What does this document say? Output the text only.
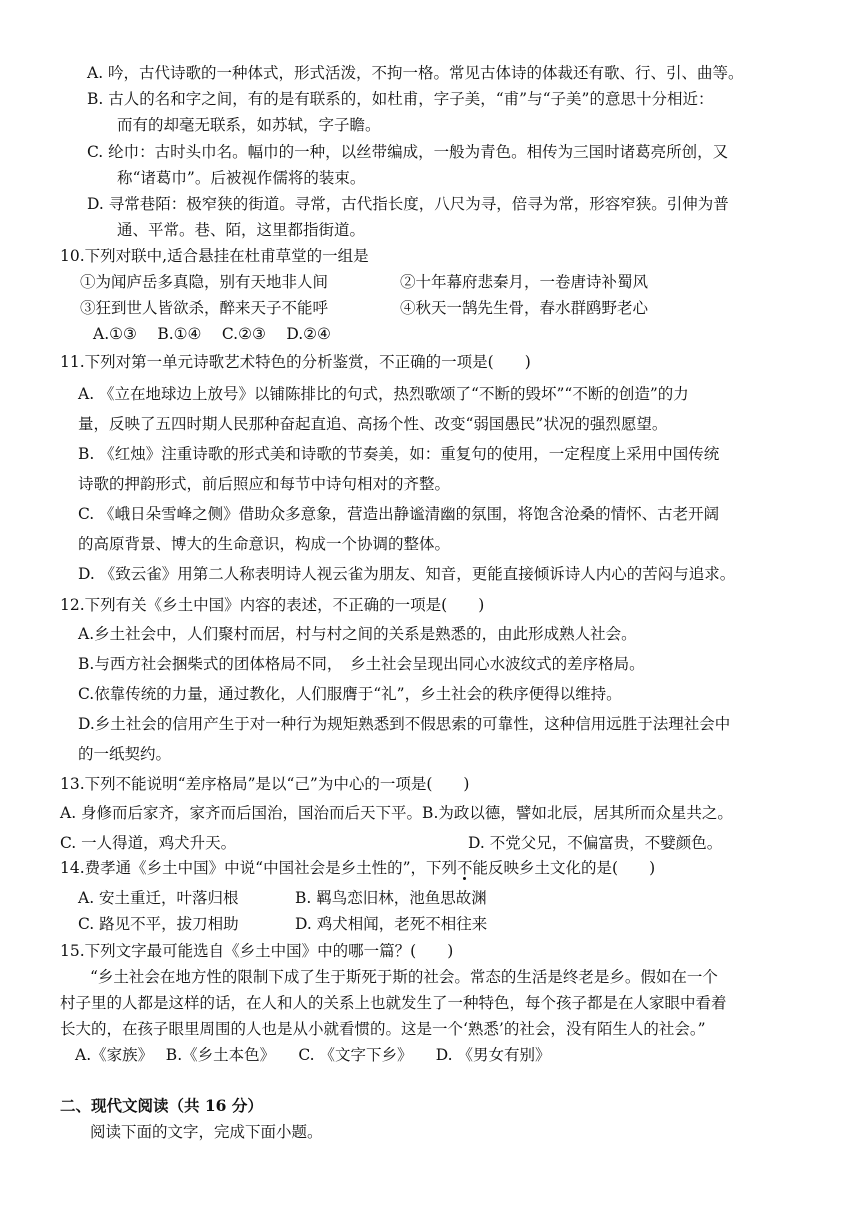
A. 吟，古代诗歌的一种体式，形式活泼，不拘一格。常见古体诗的体裁还有歌、行、引、曲等。
B. 古人的名和字之间，有的是有联系的，如杜甫，字子美，“甫”与“子美”的意思十分相近：
而有的却毫无联系，如苏轼，字子瞻。
C. 纶巾：古时头巾名。幅巾的一种，以丝带编成，一般为青色。相传为三国时诸葛亮所创，又
称“诸葛巾”。后被视作儒将的装束。
D. 寻常巷陌：极窄狭的街道。寻常，古代指长度，八尺为寻，倍寻为常，形容窄狭。引伸为普
通、平常。巷、陌，这里都指街道。
10.下列对联中,适合悬挂在杜甫草堂的一组是
①为闻庐岳多真隐，别有天地非人间	②十年幕府悲秦月，一卷唐诗补蜀风
③狂到世人皆欲杀，醉来天子不能呼	④秋天一鹄先生骨，春水群鸥野老心
A.①③　 B.①④　 C.②③　 D.②④
11.下列对第一单元诗歌艺术特色的分析鉴赏，不正确的一项是(　　)
A. 《立在地球边上放号》以铺陈排比的句式，热烈歌颂了“不断的毁坏”“不断的创造”的力
量，反映了五四时期人民那种奋起直追、高扬个性、改变“弱国愚民”状况的强烈愿望。
B. 《红烛》注重诗歌的形式美和诗歌的节奏美，如：重复句的使用，一定程度上采用中国传统
诗歌的押韵形式，前后照应和每节中诗句相对的齐整。
C. 《峨日朵雪峰之侧》借助众多意象，营造出静谧清幽的氛围，将饱含沧桑的情怀、古老开阔
的高原背景、博大的生命意识，构成一个协调的整体。
D. 《致云雀》用第二人称表明诗人视云雀为朋友、知音，更能直接倾诉诗人内心的苦闷与追求。
12.下列有关《乡土中国》内容的表述，不正确的一项是(　　)
A.乡土社会中，人们聚村而居，村与村之间的关系是熟悉的，由此形成熟人社会。
B.与西方社会捆柴式的团体格局不同，　乡土社会呈现出同心水波纹式的差序格局。
C.依靠传统的力量，通过教化，人们服膺于“礼”，乡土社会的秩序便得以维持。
D.乡土社会的信用产生于对一种行为规矩熟悉到不假思索的可靠性，这种信用远胜于法理社会中
的一纸契约。
13.下列不能说明“差序格局”是以“己”为中心的一项是(　　)
A. 身修而后家齐，家齐而后国治，国治而后天下平。B.为政以德，譬如北辰，居其所而众星共之。
C. 一人得道，鸡犬升天。	D. 不党父兄，不偏富贵，不嬖颜色。
14.费孝通《乡土中国》中说“中国社会是乡土性的”，下列不能反映乡土文化的是(　　)
A. 安土重迁，叶落归根	B. 羁鸟恋旧林，池鱼思故渊
C. 路见不平，拔刀相助	D. 鸡犬相闻，老死不相往来
15.下列文字最可能选自《乡土中国》中的哪一篇？(　　)
“乡土社会在地方性的限制下成了生于斯死于斯的社会。常态的生活是终老是乡。假如在一个
村子里的人都是这样的话，在人和人的关系上也就发生了一种特色，每个孩子都是在人家眼中看着
长大的，在孩子眼里周围的人也是从小就看惯的。这是一个‘熟悉’的社会，没有陌生人的社会。”
A.《家族》　 B.《乡土本色》　　C. 《文字下乡》　　D. 《男女有别》
二、现代文阅读（共 16 分）
阅读下面的文字，完成下面小题。
